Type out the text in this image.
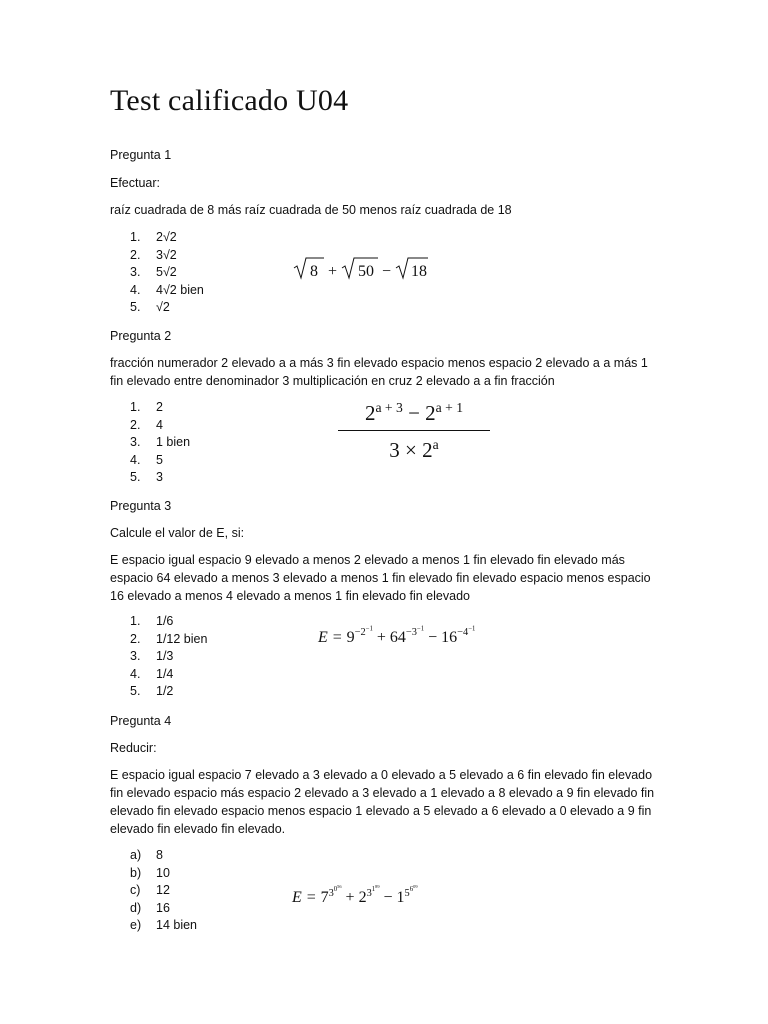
Test calificado U04

Pregunta 1

Efectuar:

raíz cuadrada de 8 más raíz cuadrada de 50 menos raíz cuadrada de 18

1.	2√2
2.	3√2
3.	5√2
4.	4√2 bien
5.	√2
8 + 50 − 18

Pregunta 2

fracción numerador 2 elevado a a más 3 fin elevado espacio menos espacio 2 elevado a a más 1 fin elevado entre denominador 3 multiplicación en cruz 2 elevado a a fin fracción

1.	2
2.	4
3.	1 bien
4.	5
5.	3
$\frac{2^{a + 3} - 2^{a + 1}}{3 \times 2^a}$

Pregunta 3

Calcule el valor de E, si:

E espacio igual espacio 9 elevado a menos 2 elevado a menos 1 fin elevado fin elevado más espacio 64 elevado a menos 3 elevado a menos 1 fin elevado fin elevado espacio menos espacio 16 elevado a menos 4 elevado a menos 1 fin elevado fin elevado

1.	1/6
2.	1/12 bien
3.	1/3
4.	1/4
5.	1/2
$E = 9^{-2^{-1}} + 64^{-3^{-1}} - 16^{-4^{-1}}$

Pregunta 4

Reducir:

E espacio igual espacio 7 elevado a 3 elevado a 0 elevado a 5 elevado a 6 fin elevado fin elevado fin elevado espacio más espacio 2 elevado a 3 elevado a 1 elevado a 8 elevado a 9 fin elevado fin elevado fin elevado espacio menos espacio 1 elevado a 5 elevado a 6 elevado a 0 elevado a 9 fin elevado fin elevado fin elevado.

a)	8
b)	10
c)	12
d)	16
e)	14 bien
$E = 7^{3^{0^{56}}} + 2^{3^{1^{89}}} - 1^{5^{6^{09}}}$
